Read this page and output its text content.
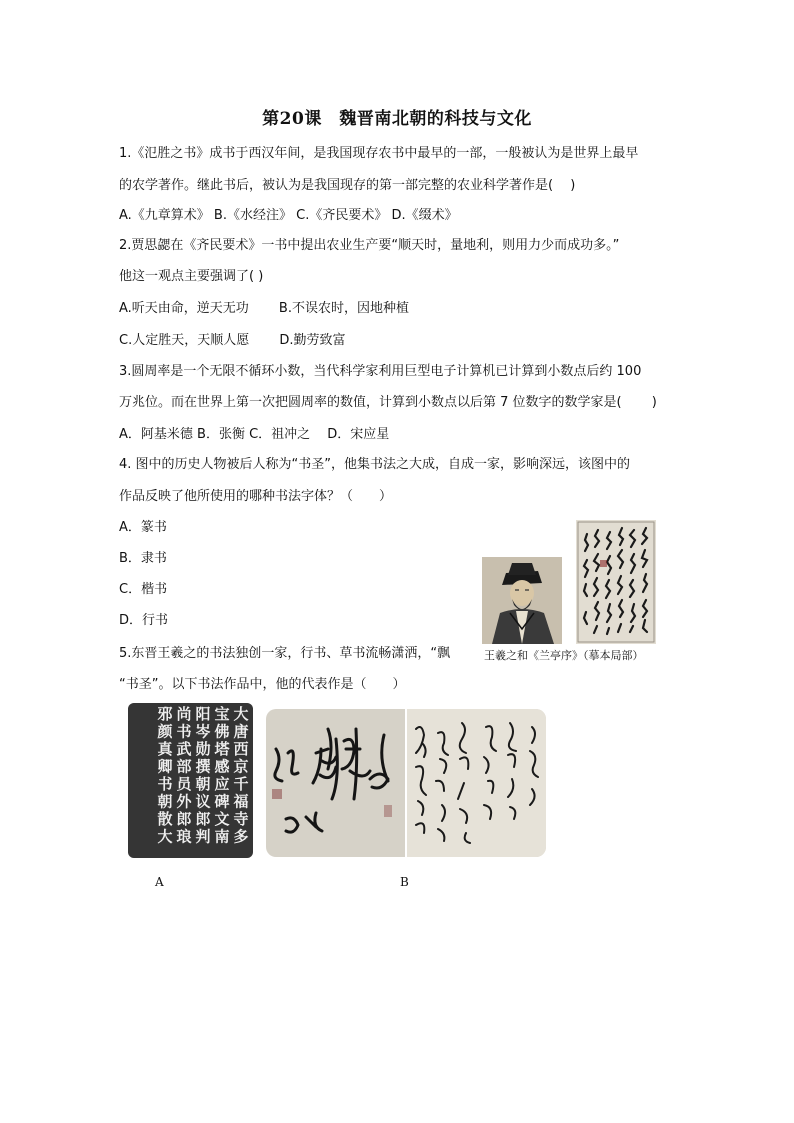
第20课　魏晋南北朝的科技与文化
1.《氾胜之书》成书于西汉年间，是我国现存农书中最早的一部，一般被认为是世界上最早
的农学著作。继此书后，被认为是我国现存的第一部完整的农业科学著作是(　 )
A.《九章算术》 B.《水经注》 C.《齐民要术》 D.《缀术》
2.贾思勰在《齐民要术》一书中提出农业生产要“顺天时，量地利，则用力少而成功多。”
他这一观点主要强调了( )
A.听天由命，逆天无功　　 B.不误农时，因地种植
C.人定胜天，天顺人愿　　 D.勤劳致富
3.圆周率是一个无限不循环小数，当代科学家利用巨型电子计算机已计算到小数点后约 100
万兆位。而在世界上第一次把圆周率的数值，计算到小数点以后第 7 位数字的数学家是(　　 )
A．阿基米德 B．张衡 C．祖冲之　 D．宋应星
4. 图中的历史人物被后人称为“书圣”，他集书法之大成，自成一家，影响深远，该图中的
作品反映了他所使用的哪种书法字体？（　　）
A．篆书
B．隶书
C．楷书
D．行书
王羲之和《兰亭序》（摹本局部）
5.东晋王羲之的书法独创一家，行书、草书流畅潇洒，“飘
“书圣”。以下书法作品中，他的代表作是（　　）
大
唐
西
京
千
福
寺
多
宝
佛
塔
感
应
碑
文
南
阳
岑
勋
撰
朝
议
郎
判
尚
书
武
部
员
外
郎
琅
邪
颜
真
卿
书
朝
散
大
A	B
